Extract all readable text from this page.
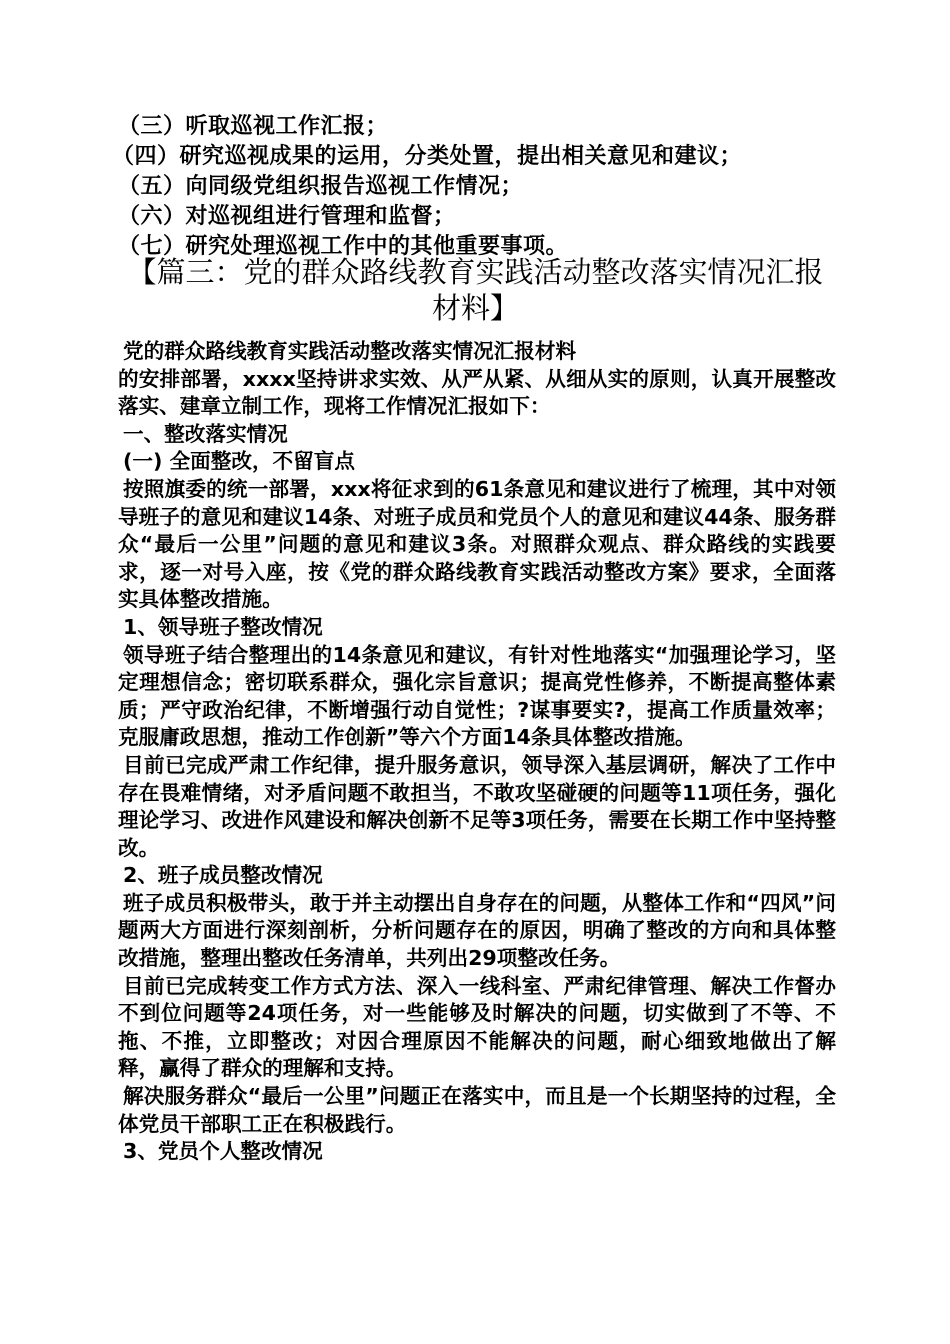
（三）听取巡视工作汇报；

（四）研究巡视成果的运用，分类处置，提出相关意见和建议；

（五）向同级党组织报告巡视工作情况；

（六）对巡视组进行管理和监督；

（七）研究处理巡视工作中的其他重要事项。

【篇三：党的群众路线教育实践活动整改落实情况汇报材料】

党的群众路线教育实践活动整改落实情况汇报材料

的安排部署，xxxx坚持讲求实效、从严从紧、从细从实的原则，认真开展整改落实、建章立制工作，现将工作情况汇报如下：

一、整改落实情况

(一) 全面整改，不留盲点

按照旗委的统一部署，xxx将征求到的61条意见和建议进行了梳理，其中对领导班子的意见和建议14条、对班子成员和党员个人的意见和建议44条、服务群众“最后一公里”问题的意见和建议3条。对照群众观点、群众路线的实践要求，逐一对号入座，按《党的群众路线教育实践活动整改方案》要求，全面落实具体整改措施。

1、领导班子整改情况

领导班子结合整理出的14条意见和建议，有针对性地落实“加强理论学习，坚定理想信念；密切联系群众，强化宗旨意识；提高党性修养，不断提高整体素质；严守政治纪律，不断增强行动自觉性；?谋事要实?，提高工作质量效率；克服庸政思想，推动工作创新”等六个方面14条具体整改措施。

目前已完成严肃工作纪律，提升服务意识，领导深入基层调研，解决了工作中存在畏难情绪，对矛盾问题不敢担当，不敢攻坚碰硬的问题等11项任务，强化理论学习、改进作风建设和解决创新不足等3项任务，需要在长期工作中坚持整改。

2、班子成员整改情况

班子成员积极带头，敢于并主动摆出自身存在的问题，从整体工作和“四风”问题两大方面进行深刻剖析，分析问题存在的原因，明确了整改的方向和具体整改措施，整理出整改任务清单，共列出29项整改任务。

目前已完成转变工作方式方法、深入一线科室、严肃纪律管理、解决工作督办不到位问题等24项任务，对一些能够及时解决的问题，切实做到了不等、不拖、不推，立即整改；对因合理原因不能解决的问题，耐心细致地做出了解释，赢得了群众的理解和支持。

解决服务群众“最后一公里”问题正在落实中，而且是一个长期坚持的过程，全体党员干部职工正在积极践行。

3、党员个人整改情况
